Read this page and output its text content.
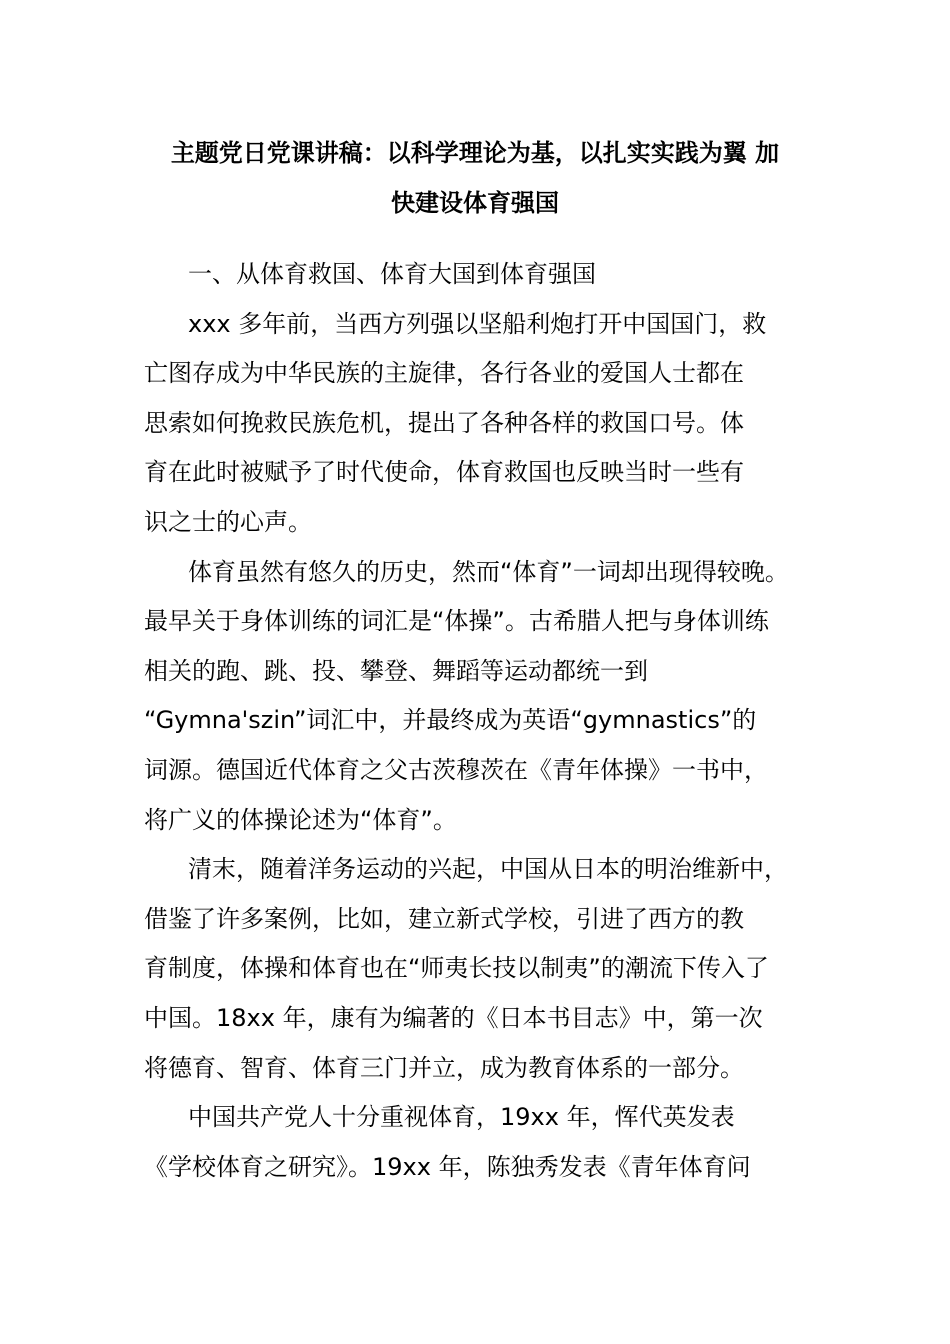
主题党日党课讲稿：以科学理论为基，以扎实实践为翼 加
快建设体育强国
一、从体育救国、体育大国到体育强国
xxx 多年前，当西方列强以坚船利炮打开中国国门，救
亡图存成为中华民族的主旋律，各行各业的爱国人士都在
思索如何挽救民族危机，提出了各种各样的救国口号。体
育在此时被赋予了时代使命，体育救国也反映当时一些有
识之士的心声。
体育虽然有悠久的历史，然而“体育”一词却出现得较晚。
最早关于身体训练的词汇是“体操”。古希腊人把与身体训练
相关的跑、跳、投、攀登、舞蹈等运动都统一到
“Gymna'szin”词汇中，并最终成为英语“gymnastics”的
词源。德国近代体育之父古茨穆茨在《青年体操》一书中，
将广义的体操论述为“体育”。
清末，随着洋务运动的兴起，中国从日本的明治维新中，
借鉴了许多案例，比如，建立新式学校，引进了西方的教
育制度，体操和体育也在“师夷长技以制夷”的潮流下传入了
中国。18xx 年，康有为编著的《日本书目志》中，第一次
将德育、智育、体育三门并立，成为教育体系的一部分。
中国共产党人十分重视体育，19xx 年，恽代英发表
《学校体育之研究》。19xx 年，陈独秀发表《青年体育问
